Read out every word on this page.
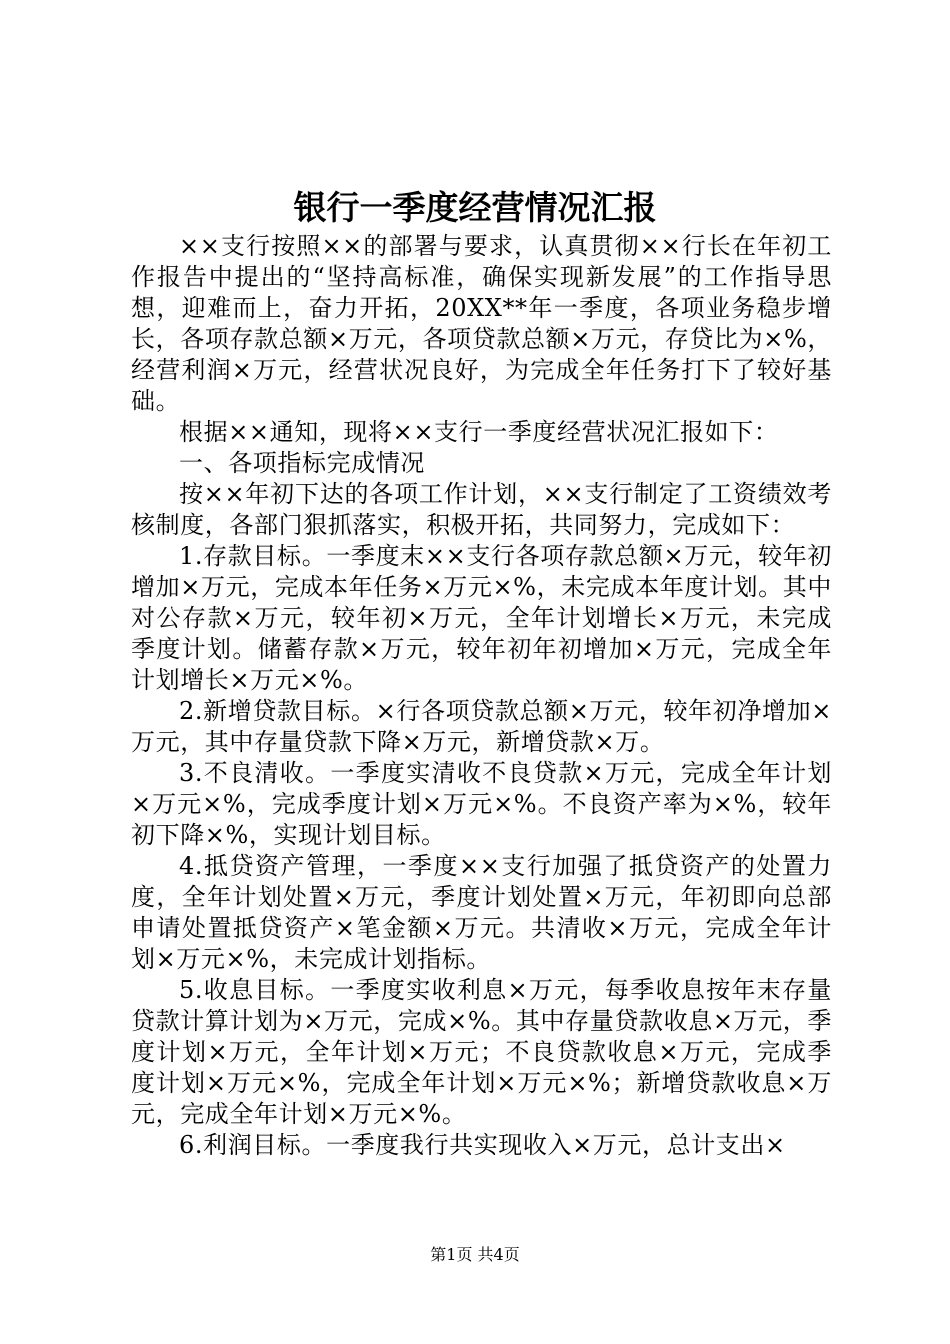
银行一季度经营情况汇报

××支行按照××的部署与要求，认真贯彻××行长在年初工作报告中提出的“坚持高标准，确保实现新发展”的工作指导思想，迎难而上，奋力开拓，20XX**年一季度，各项业务稳步增长，各项存款总额×万元，各项贷款总额×万元，存贷比为×%，经营利润×万元，经营状况良好，为完成全年任务打下了较好基础。

根据××通知，现将××支行一季度经营状况汇报如下：

一、各项指标完成情况

按××年初下达的各项工作计划，××支行制定了工资绩效考核制度，各部门狠抓落实，积极开拓，共同努力，完成如下：

1.存款目标。一季度末××支行各项存款总额×万元，较年初增加×万元，完成本年任务×万元×%，未完成本年度计划。其中对公存款×万元，较年初×万元，全年计划增长×万元，未完成季度计划。储蓄存款×万元，较年初年初增加×万元，完成全年计划增长×万元×%。

2.新增贷款目标。×行各项贷款总额×万元，较年初净增加×万元，其中存量贷款下降×万元，新增贷款×万。

3.不良清收。一季度实清收不良贷款×万元，完成全年计划×万元×%，完成季度计划×万元×%。不良资产率为×%，较年初下降×%，实现计划目标。

4.抵贷资产管理，一季度××支行加强了抵贷资产的处置力度，全年计划处置×万元，季度计划处置×万元，年初即向总部申请处置抵贷资产×笔金额×万元。共清收×万元，完成全年计划×万元×%，未完成计划指标。

5.收息目标。一季度实收利息×万元，每季收息按年末存量贷款计算计划为×万元，完成×%。其中存量贷款收息×万元，季度计划×万元，全年计划×万元；不良贷款收息×万元，完成季度计划×万元×%，完成全年计划×万元×%；新增贷款收息×万元，完成全年计划×万元×%。

6.利润目标。一季度我行共实现收入×万元，总计支出×

第1页 共4页
